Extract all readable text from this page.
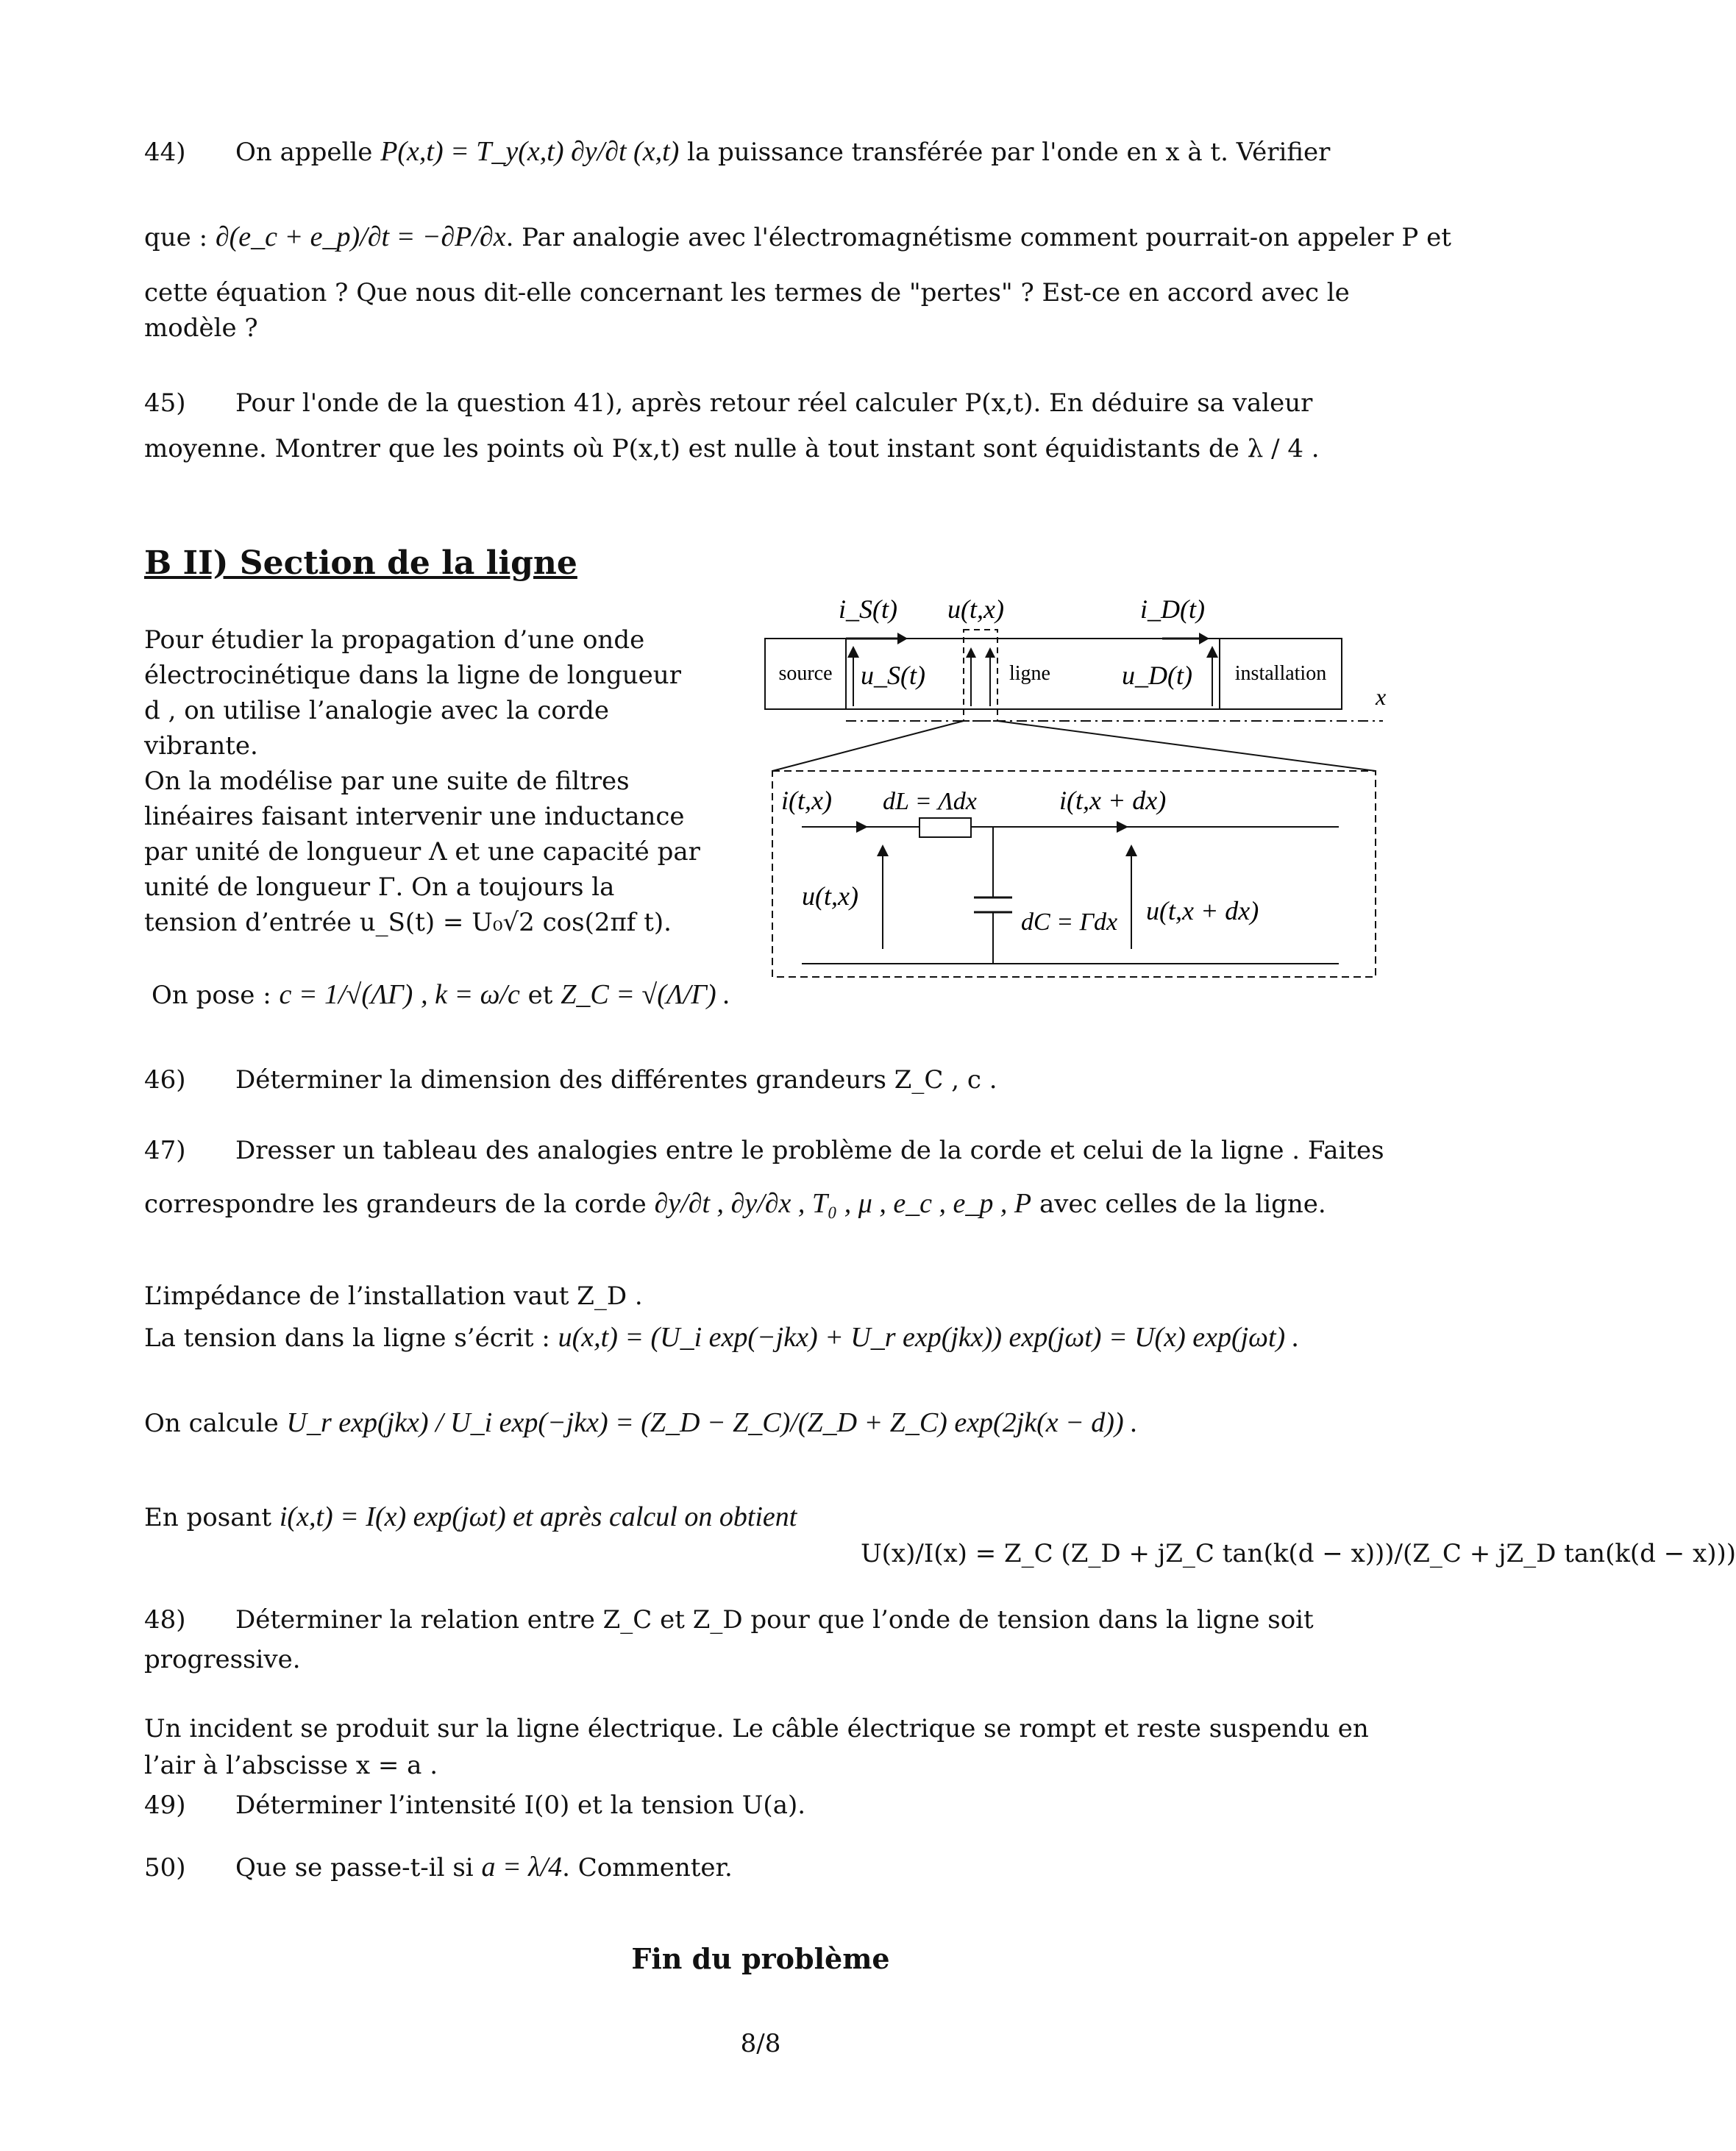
44) On appelle P(x,t) = T_y(x,t) ∂y/∂t (x,t) la puissance transférée par l'onde en x à t. Vérifier
que : ∂(e_c + e_p)/∂t = −∂P/∂x. Par analogie avec l'électromagnétisme comment pourrait-on appeler P et
cette équation ? Que nous dit-elle concernant les termes de "pertes" ? Est-ce en accord avec le
modèle ?
45) Pour l'onde de la question 41), après retour réel calculer P(x,t). En déduire sa valeur
moyenne. Montrer que les points où P(x,t) est nulle à tout instant sont équidistants de λ / 4 .
B II) Section de la ligne
Pour étudier la propagation d’une onde
électrocinétique dans la ligne de longueur
d , on utilise l’analogie avec la corde
vibrante.
On la modélise par une suite de filtres
linéaires faisant intervenir une inductance
par unité de longueur Λ et une capacité par
unité de longueur Γ. On a toujours la
tension d’entrée u_S(t) = U₀√2 cos(2πf t).
On pose : c = 1/√(ΛΓ) , k = ω/c et Z_C = √(Λ/Γ) .
source	installation
ligne
x
i_S(t) u(t,x)	i_D(t)
u_S(t)	u_D(t)
i(t,x) dL = Λdx	i(t,x + dx)
u(t,x)
dC = Γdx u(t,x + dx)
46) Déterminer la dimension des différentes grandeurs Z_C , c .
47) Dresser un tableau des analogies entre le problème de la corde et celui de la ligne . Faites
correspondre les grandeurs de la corde ∂y/∂t , ∂y/∂x , T₀ , μ , e_c , e_p , P avec celles de la ligne.
L’impédance de l’installation vaut Z_D .
La tension dans la ligne s’écrit : u(x,t) = (U_i exp(−jkx) + U_r exp(jkx)) exp(jωt) = U(x) exp(jωt) .
On calcule U_r exp(jkx) / U_i exp(−jkx) = (Z_D − Z_C)/(Z_D + Z_C) exp(2jk(x − d)) .
En posant i(x,t) = I(x) exp(jωt) et après calcul on obtient
U(x)/I(x) = Z_C (Z_D + jZ_C tan(k(d − x)))/(Z_C + jZ_D tan(k(d − x)))
48) Déterminer la relation entre Z_C et Z_D pour que l’onde de tension dans la ligne soit
progressive.
Un incident se produit sur la ligne électrique. Le câble électrique se rompt et reste suspendu en
l’air à l’abscisse x = a .
49) Déterminer l’intensité I(0) et la tension U(a).
50) Que se passe-t-il si a = λ/4. Commenter.
Fin du problème
8/8
